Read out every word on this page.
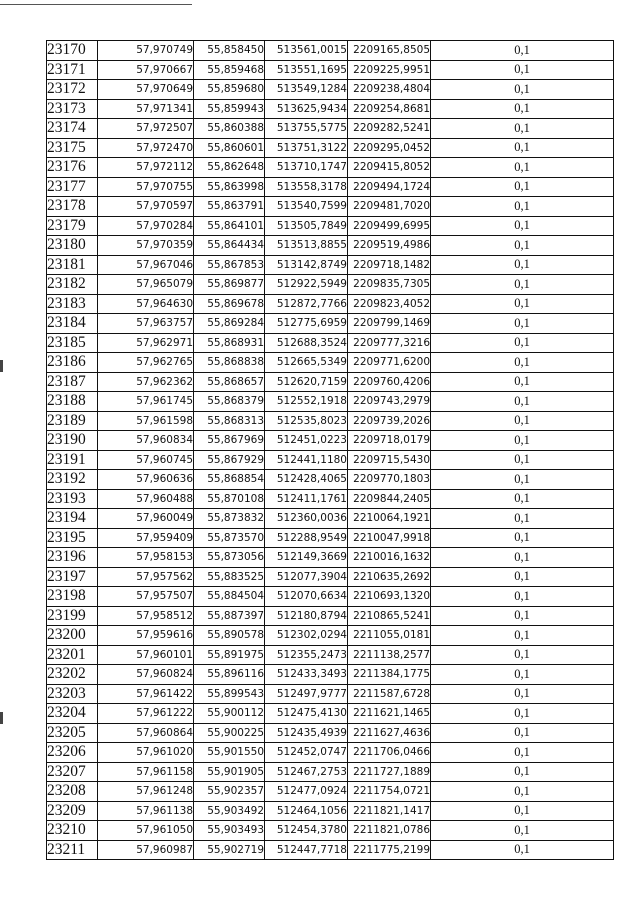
23170	57,970749	55,858450	513561,0015	2209165,8505	0,1
23171	57,970667	55,859468	513551,1695	2209225,9951	0,1
23172	57,970649	55,859680	513549,1284	2209238,4804	0,1
23173	57,971341	55,859943	513625,9434	2209254,8681	0,1
23174	57,972507	55,860388	513755,5775	2209282,5241	0,1
23175	57,972470	55,860601	513751,3122	2209295,0452	0,1
23176	57,972112	55,862648	513710,1747	2209415,8052	0,1
23177	57,970755	55,863998	513558,3178	2209494,1724	0,1
23178	57,970597	55,863791	513540,7599	2209481,7020	0,1
23179	57,970284	55,864101	513505,7849	2209499,6995	0,1
23180	57,970359	55,864434	513513,8855	2209519,4986	0,1
23181	57,967046	55,867853	513142,8749	2209718,1482	0,1
23182	57,965079	55,869877	512922,5949	2209835,7305	0,1
23183	57,964630	55,869678	512872,7766	2209823,4052	0,1
23184	57,963757	55,869284	512775,6959	2209799,1469	0,1
23185	57,962971	55,868931	512688,3524	2209777,3216	0,1
23186	57,962765	55,868838	512665,5349	2209771,6200	0,1
23187	57,962362	55,868657	512620,7159	2209760,4206	0,1
23188	57,961745	55,868379	512552,1918	2209743,2979	0,1
23189	57,961598	55,868313	512535,8023	2209739,2026	0,1
23190	57,960834	55,867969	512451,0223	2209718,0179	0,1
23191	57,960745	55,867929	512441,1180	2209715,5430	0,1
23192	57,960636	55,868854	512428,4065	2209770,1803	0,1
23193	57,960488	55,870108	512411,1761	2209844,2405	0,1
23194	57,960049	55,873832	512360,0036	2210064,1921	0,1
23195	57,959409	55,873570	512288,9549	2210047,9918	0,1
23196	57,958153	55,873056	512149,3669	2210016,1632	0,1
23197	57,957562	55,883525	512077,3904	2210635,2692	0,1
23198	57,957507	55,884504	512070,6634	2210693,1320	0,1
23199	57,958512	55,887397	512180,8794	2210865,5241	0,1
23200	57,959616	55,890578	512302,0294	2211055,0181	0,1
23201	57,960101	55,891975	512355,2473	2211138,2577	0,1
23202	57,960824	55,896116	512433,3493	2211384,1775	0,1
23203	57,961422	55,899543	512497,9777	2211587,6728	0,1
23204	57,961222	55,900112	512475,4130	2211621,1465	0,1
23205	57,960864	55,900225	512435,4939	2211627,4636	0,1
23206	57,961020	55,901550	512452,0747	2211706,0466	0,1
23207	57,961158	55,901905	512467,2753	2211727,1889	0,1
23208	57,961248	55,902357	512477,0924	2211754,0721	0,1
23209	57,961138	55,903492	512464,1056	2211821,1417	0,1
23210	57,961050	55,903493	512454,3780	2211821,0786	0,1
23211	57,960987	55,902719	512447,7718	2211775,2199	0,1
